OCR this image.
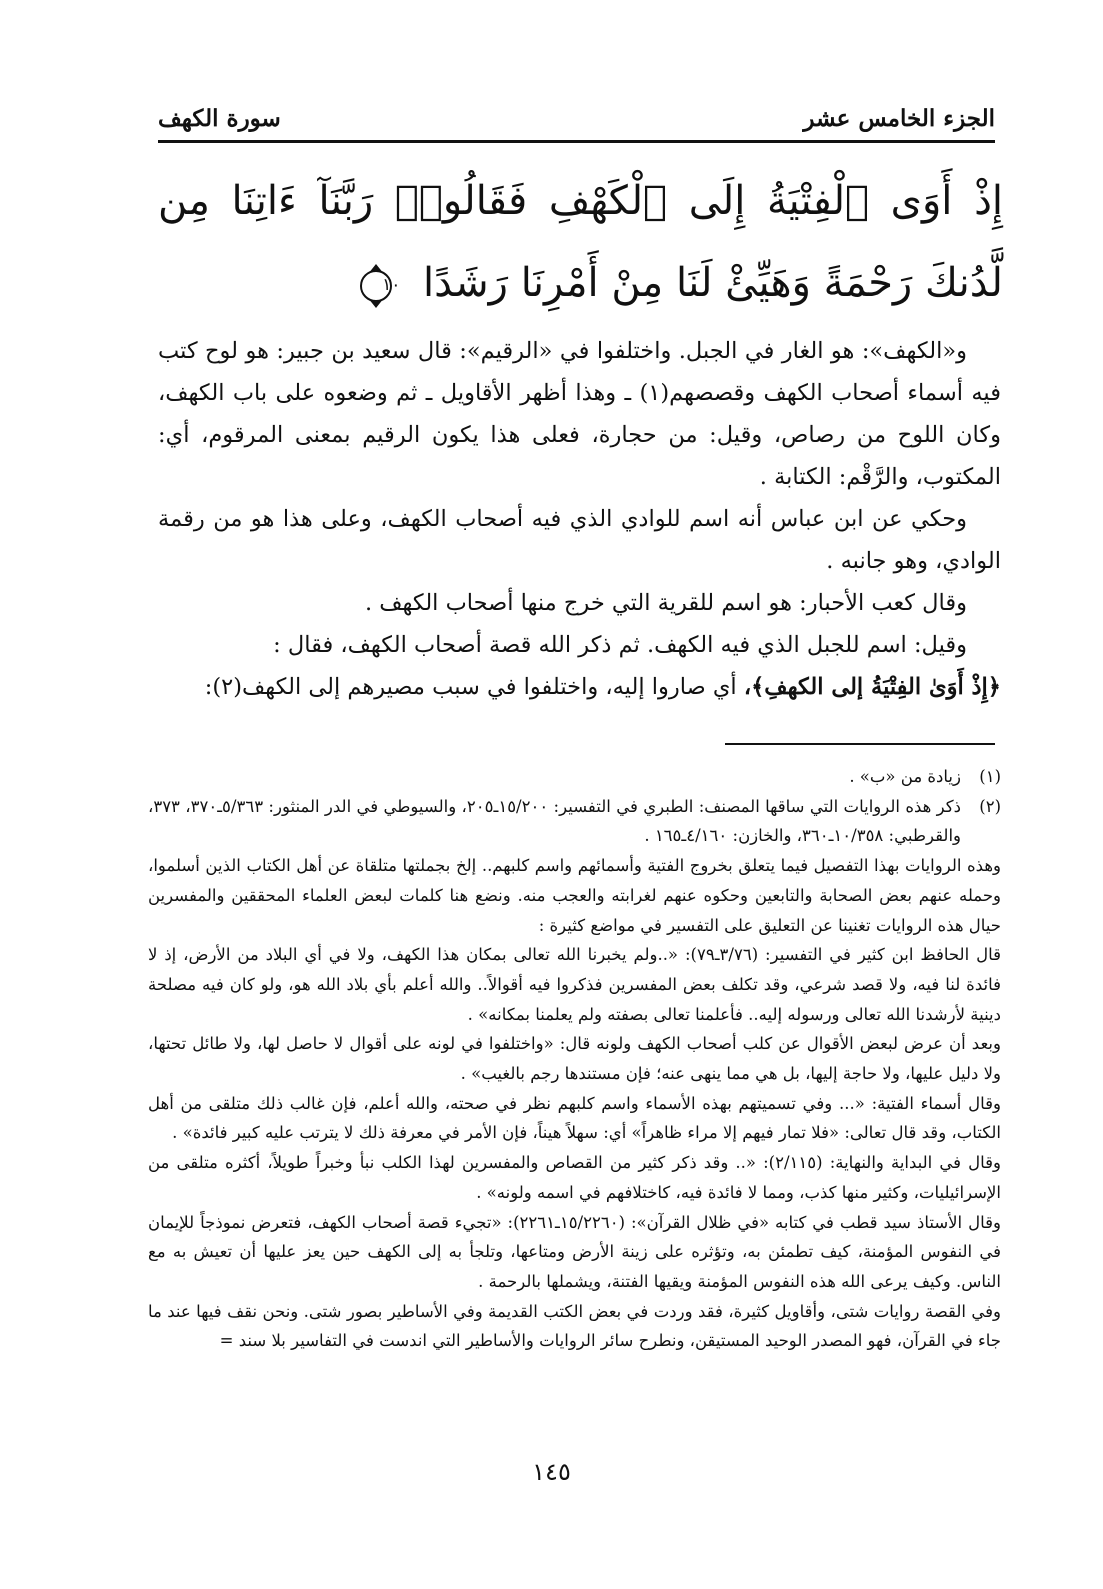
الجزء الخامس عشر
سورة الكهف
إِذْ أَوَى ٱلْفِتْيَةُ إِلَى ٱلْكَهْفِ فَقَالُوا۟ رَبَّنَآ ءَاتِنَا مِن لَّدُنكَ رَحْمَةً وَهَيِّئْ لَنَا مِنْ أَمْرِنَا رَشَدًا
١٠

و«الكهف»: هو الغار في الجبل. واختلفوا في «الرقيم»: قال سعيد بن جبير: هو لوح كتب فيه أسماء أصحاب الكهف وقصصهم(١) ـ وهذا أظهر الأقاويل ـ ثم وضعوه على باب الكهف، وكان اللوح من رصاص، وقيل: من حجارة، فعلى هذا يكون الرقيم بمعنى المرقوم، أي: المكتوب، والرَّقْم: الكتابة .

وحكي عن ابن عباس أنه اسم للوادي الذي فيه أصحاب الكهف، وعلى هذا هو من رقمة الوادي، وهو جانبه .

وقال كعب الأحبار: هو اسم للقرية التي خرج منها أصحاب الكهف .

وقيل: اسم للجبل الذي فيه الكهف. ثم ذكر الله قصة أصحاب الكهف، فقال :

﴿إِذْ أَوَىٰ الفِتْيَةُ إلى الكهفِ﴾، أي صاروا إليه، واختلفوا في سبب مصيرهم إلى الكهف(٢):

(١)

زيادة من «ب» .

(٢)

ذكر هذه الروايات التي ساقها المصنف: الطبري في التفسير: ١٥/٢٠٠ـ٢٠٥، والسيوطي في الدر المنثور: ٥/٣٦٣ـ٣٧٠، ٣٧٣، والقرطبي: ١٠/٣٥٨ـ٣٦٠، والخازن: ٤/١٦٠ـ١٦٥ .

وهذه الروايات بهذا التفصيل فيما يتعلق بخروج الفتية وأسمائهم واسم كلبهم.. إلخ بجملتها متلقاة عن أهل الكتاب الذين أسلموا، وحمله عنهم بعض الصحابة والتابعين وحكوه عنهم لغرابته والعجب منه. ونضع هنا كلمات لبعض العلماء المحققين والمفسرين حيال هذه الروايات تغنينا عن التعليق على التفسير في مواضع كثيرة :

قال الحافظ ابن كثير في التفسير: (٣/٧٦ـ٧٩): «..ولم يخبرنا الله تعالى بمكان هذا الكهف، ولا في أي البلاد من الأرض، إذ لا فائدة لنا فيه، ولا قصد شرعي، وقد تكلف بعض المفسرين فذكروا فيه أقوالاً.. والله أعلم بأي بلاد الله هو، ولو كان فيه مصلحة دينية لأرشدنا الله تعالى ورسوله إليه.. فأعلمنا تعالى بصفته ولم يعلمنا بمكانه» .

وبعد أن عرض لبعض الأقوال عن كلب أصحاب الكهف ولونه قال: «واختلفوا في لونه على أقوال لا حاصل لها، ولا طائل تحتها، ولا دليل عليها، ولا حاجة إليها، بل هي مما ينهى عنه؛ فإن مستندها رجم بالغيب» .

وقال أسماء الفتية: «... وفي تسميتهم بهذه الأسماء واسم كلبهم نظر في صحته، والله أعلم، فإن غالب ذلك متلقى من أهل الكتاب، وقد قال تعالى: «فلا تمار فيهم إلا مراء ظاهراً» أي: سهلاً هيناً، فإن الأمر في معرفة ذلك لا يترتب عليه كبير فائدة» .

وقال في البداية والنهاية: (٢/١١٥): «.. وقد ذكر كثير من القصاص والمفسرين لهذا الكلب نبأ وخبراً طويلاً، أكثره متلقى من الإسرائيليات، وكثير منها كذب، ومما لا فائدة فيه، كاختلافهم في اسمه ولونه» .

وقال الأستاذ سيد قطب في كتابه «في ظلال القرآن»: (١٥/٢٢٦٠ـ٢٢٦١): «تجيء قصة أصحاب الكهف، فتعرض نموذجاً للإيمان في النفوس المؤمنة، كيف تطمئن به، وتؤثره على زينة الأرض ومتاعها، وتلجأ به إلى الكهف حين يعز عليها أن تعيش به مع الناس. وكيف يرعى الله هذه النفوس المؤمنة ويقيها الفتنة، ويشملها بالرحمة .

وفي القصة روايات شتى، وأقاويل كثيرة، فقد وردت في بعض الكتب القديمة وفي الأساطير بصور شتى. ونحن نقف فيها عند ما جاء في القرآن، فهو المصدر الوحيد المستيقن، ونطرح سائر الروايات والأساطير التي اندست في التفاسير بلا سند =

١٤٥
